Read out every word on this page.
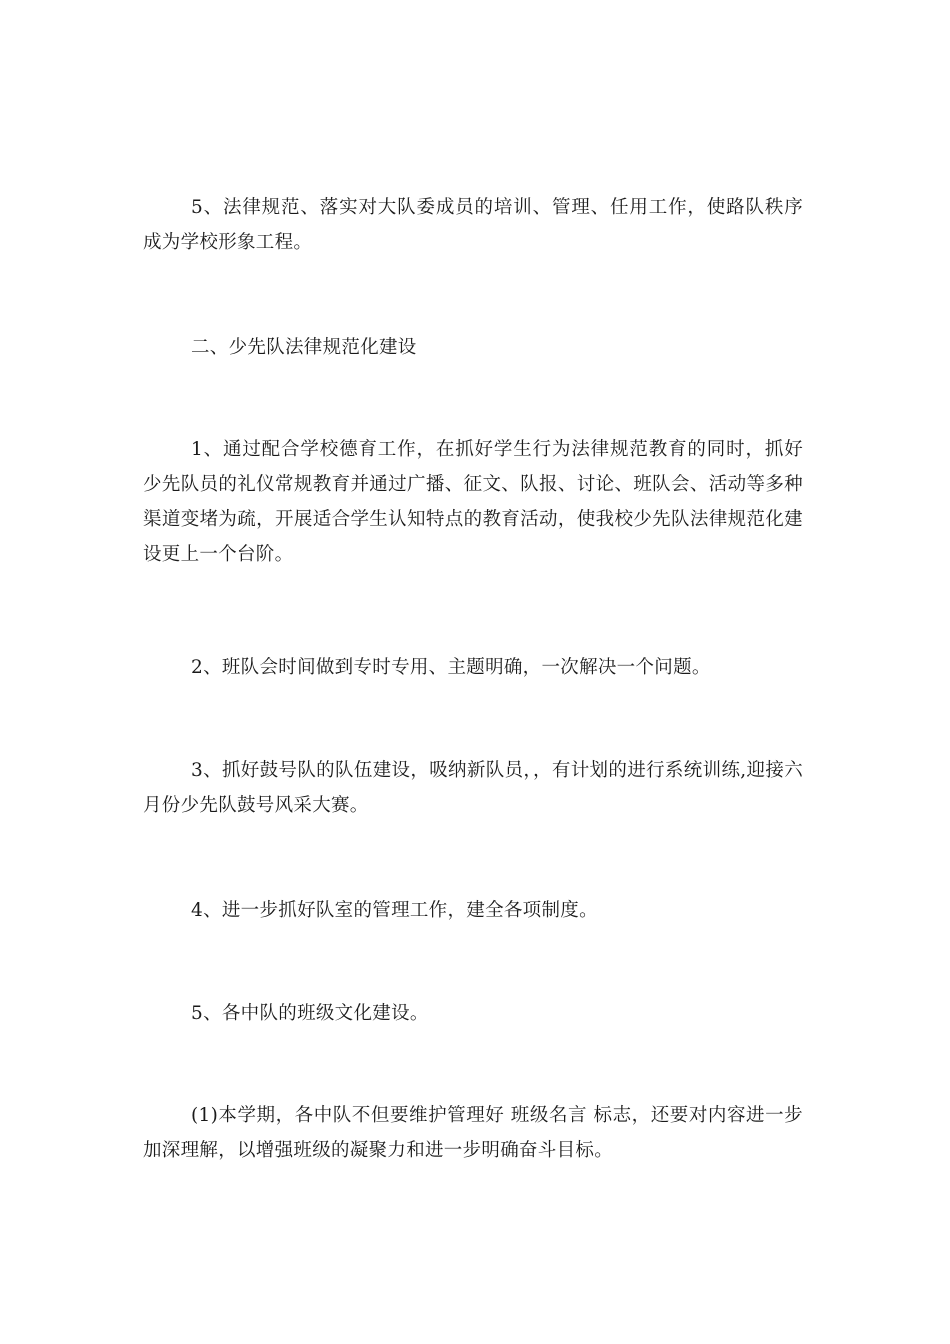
5、法律规范、落实对大队委成员的培训、管理、任用工作，使路队秩序成为学校形象工程。

二、少先队法律规范化建设

1、通过配合学校德育工作，在抓好学生行为法律规范教育的同时，抓好少先队员的礼仪常规教育并通过广播、征文、队报、讨论、班队会、活动等多种渠道变堵为疏，开展适合学生认知特点的教育活动，使我校少先队法律规范化建设更上一个台阶。

2、班队会时间做到专时专用、主题明确，一次解决一个问题。

3、抓好鼓号队的队伍建设，吸纳新队员，，有计划的进行系统训练,迎接六月份少先队鼓号风采大赛。

4、进一步抓好队室的管理工作，建全各项制度。

5、各中队的班级文化建设。

(1)本学期，各中队不但要维护管理好 班级名言 标志，还要对内容进一步加深理解，以增强班级的凝聚力和进一步明确奋斗目标。
